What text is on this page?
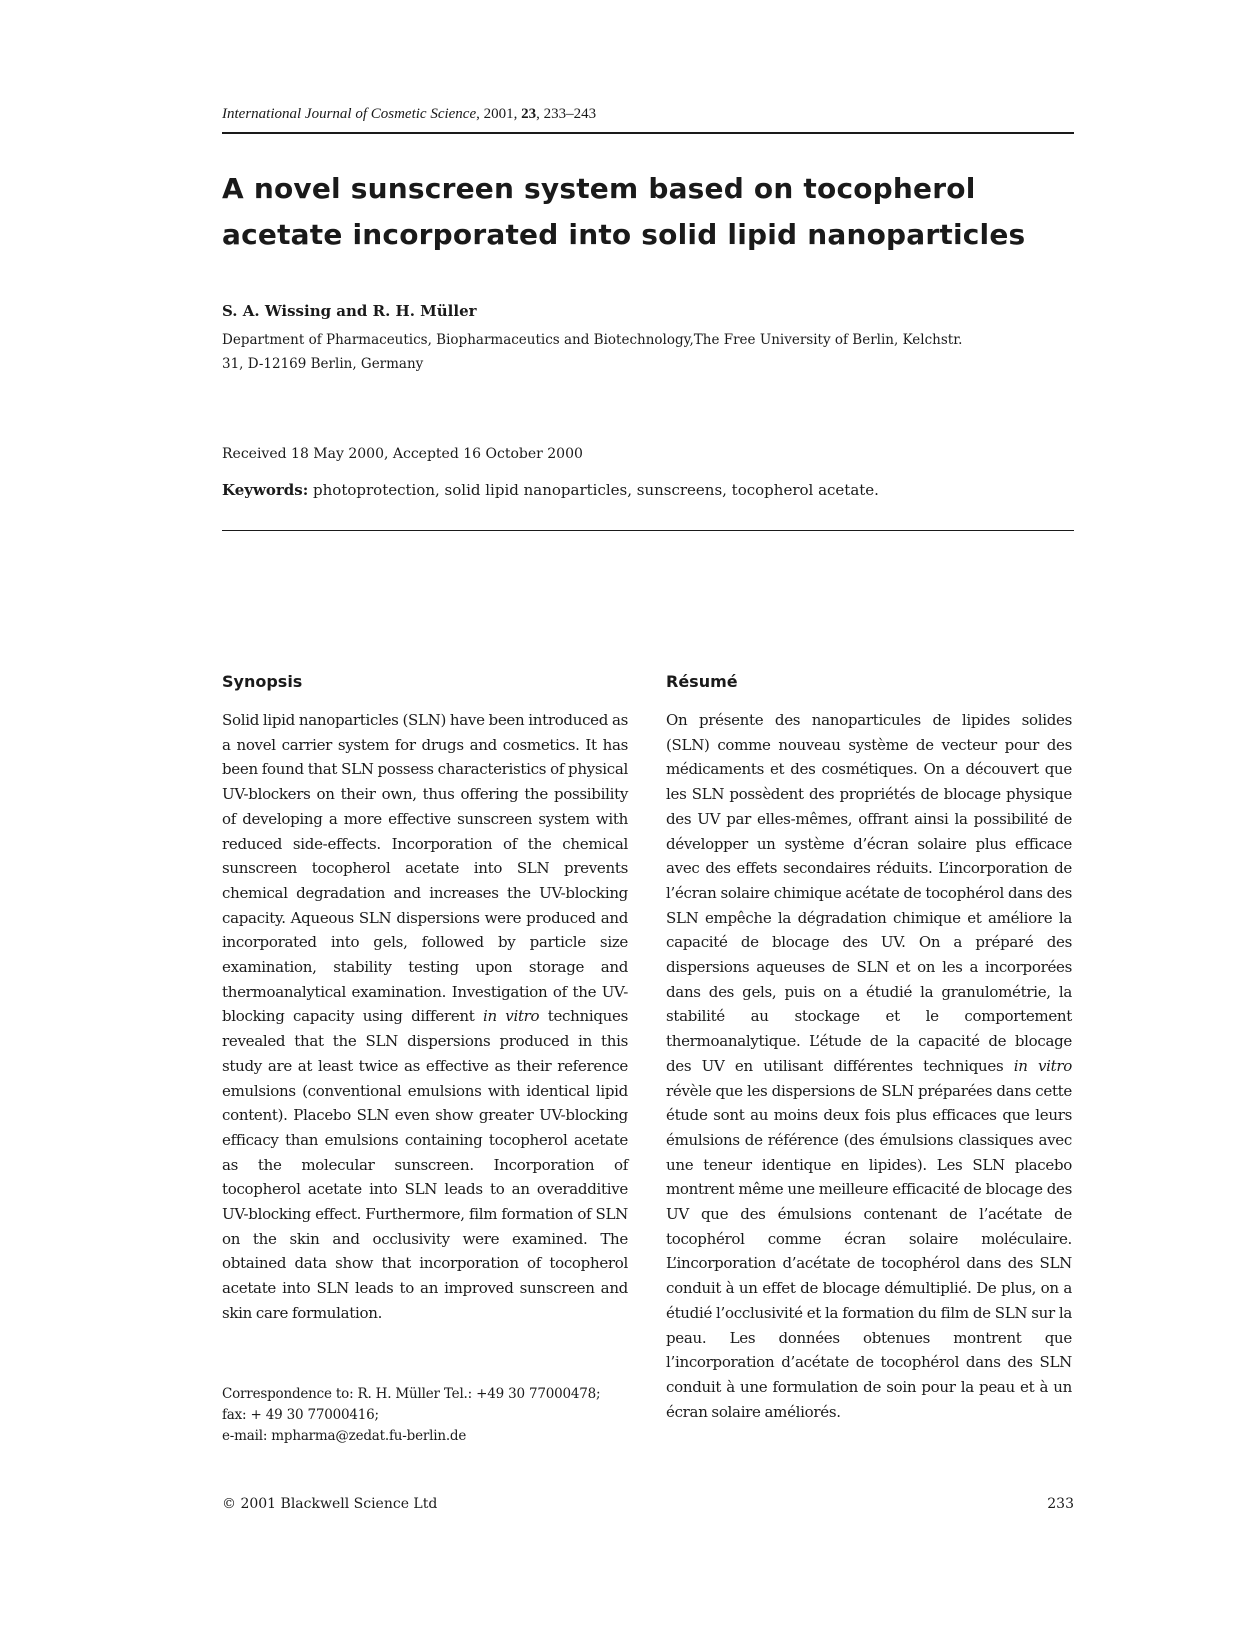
International Journal of Cosmetic Science, 2001, 23, 233–243
A novel sunscreen system based on tocopherol acetate incorporated into solid lipid nanoparticles
S. A. Wissing and R. H. Müller
Department of Pharmaceutics, Biopharmaceutics and Biotechnology,The Free University of Berlin, Kelchstr. 31, D-12169 Berlin, Germany
Received 18 May 2000, Accepted 16 October 2000
Keywords: photoprotection, solid lipid nanoparticles, sunscreens, tocopherol acetate.
Synopsis

Solid lipid nanoparticles (SLN) have been introduced as a novel carrier system for drugs and cosmetics. It has been found that SLN possess characteristics of physical UV-blockers on their own, thus offering the possibility of developing a more effective sunscreen system with reduced side-effects. Incorporation of the chemical sunscreen tocopherol acetate into SLN prevents chemical degradation and increases the UV-blocking capacity. Aqueous SLN dispersions were produced and incorporated into gels, followed by particle size examination, stability testing upon storage and thermoanalytical examination. Investigation of the UV-blocking capacity using different in vitro techniques revealed that the SLN dispersions produced in this study are at least twice as effective as their reference emulsions (conventional emulsions with identical lipid content). Placebo SLN even show greater UV-blocking efficacy than emulsions containing tocopherol acetate as the molecular sunscreen. Incorporation of tocopherol acetate into SLN leads to an overadditive UV-blocking effect. Furthermore, film formation of SLN on the skin and occlusivity were examined. The obtained data show that incorporation of tocopherol acetate into SLN leads to an improved sunscreen and skin care formulation.

Correspondence to: R. H. Müller Tel.: +49 30 77000478;
fax: + 49 30 77000416;
e-mail: mpharma@zedat.fu-berlin.de
Résumé

On présente des nanoparticules de lipides solides (SLN) comme nouveau système de vecteur pour des médicaments et des cosmétiques. On a découvert que les SLN possèdent des propriétés de blocage physique des UV par elles-mêmes, offrant ainsi la possibilité de développer un système d’écran solaire plus efficace avec des effets secondaires réduits. L’incorporation de l’écran solaire chimique acétate de tocophérol dans des SLN empêche la dégradation chimique et améliore la capacité de blocage des UV. On a préparé des dispersions aqueuses de SLN et on les a incorporées dans des gels, puis on a étudié la granulométrie, la stabilité au stockage et le comportement thermoanalytique. L’étude de la capacité de blocage des UV en utilisant différentes techniques in vitro révèle que les dispersions de SLN préparées dans cette étude sont au moins deux fois plus efficaces que leurs émulsions de référence (des émulsions classiques avec une teneur identique en lipides). Les SLN placebo montrent même une meilleure efficacité de blocage des UV que des émulsions contenant de l’acétate de tocophérol comme écran solaire moléculaire. L’incorporation d’acétate de tocophérol dans des SLN conduit à un effet de blocage démultiplié. De plus, on a étudié l’occlusivité et la formation du film de SLN sur la peau. Les données obtenues montrent que l’incorporation d’acétate de tocophérol dans des SLN conduit à une formulation de soin pour la peau et à un écran solaire améliorés.

© 2001 Blackwell Science Ltd	233
